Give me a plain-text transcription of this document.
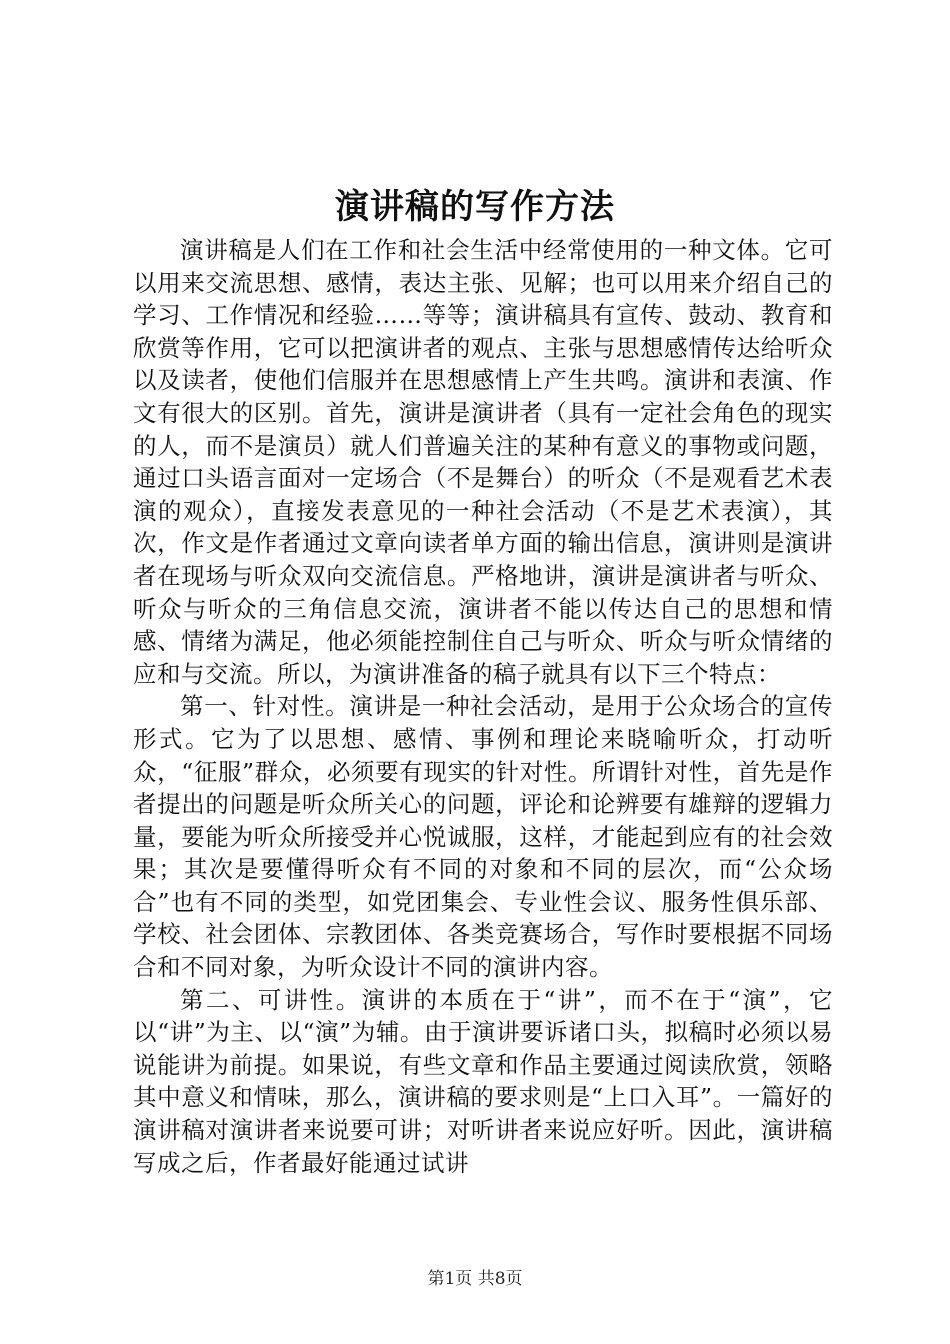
演讲稿的写作方法

演讲稿是人们在工作和社会生活中经常使用的一种文体。它可以用来交流思想、感情，表达主张、见解；也可以用来介绍自己的学习、工作情况和经验……等等；演讲稿具有宣传、鼓动、教育和欣赏等作用，它可以把演讲者的观点、主张与思想感情传达给听众以及读者，使他们信服并在思想感情上产生共鸣。演讲和表演、作文有很大的区别。首先，演讲是演讲者（具有一定社会角色的现实的人，而不是演员）就人们普遍关注的某种有意义的事物或问题，通过口头语言面对一定场合（不是舞台）的听众（不是观看艺术表演的观众），直接发表意见的一种社会活动（不是艺术表演），其次，作文是作者通过文章向读者单方面的输出信息，演讲则是演讲者在现场与听众双向交流信息。严格地讲，演讲是演讲者与听众、听众与听众的三角信息交流，演讲者不能以传达自己的思想和情感、情绪为满足，他必须能控制住自己与听众、听众与听众情绪的应和与交流。所以，为演讲准备的稿子就具有以下三个特点：

第一、针对性。演讲是一种社会活动，是用于公众场合的宣传形式。它为了以思想、感情、事例和理论来晓喻听众，打动听众，“征服”群众，必须要有现实的针对性。所谓针对性，首先是作者提出的问题是听众所关心的问题，评论和论辨要有雄辩的逻辑力量，要能为听众所接受并心悦诚服，这样，才能起到应有的社会效果；其次是要懂得听众有不同的对象和不同的层次，而“公众场合”也有不同的类型，如党团集会、专业性会议、服务性俱乐部、学校、社会团体、宗教团体、各类竞赛场合，写作时要根据不同场合和不同对象，为听众设计不同的演讲内容。

第二、可讲性。演讲的本质在于“讲”，而不在于“演”，它以“讲”为主、以“演”为辅。由于演讲要诉诸口头，拟稿时必须以易说能讲为前提。如果说，有些文章和作品主要通过阅读欣赏，领略其中意义和情味，那么，演讲稿的要求则是“上口入耳”。一篇好的演讲稿对演讲者来说要可讲；对听讲者来说应好听。因此，演讲稿写成之后，作者最好能通过试讲

第1页 共8页
